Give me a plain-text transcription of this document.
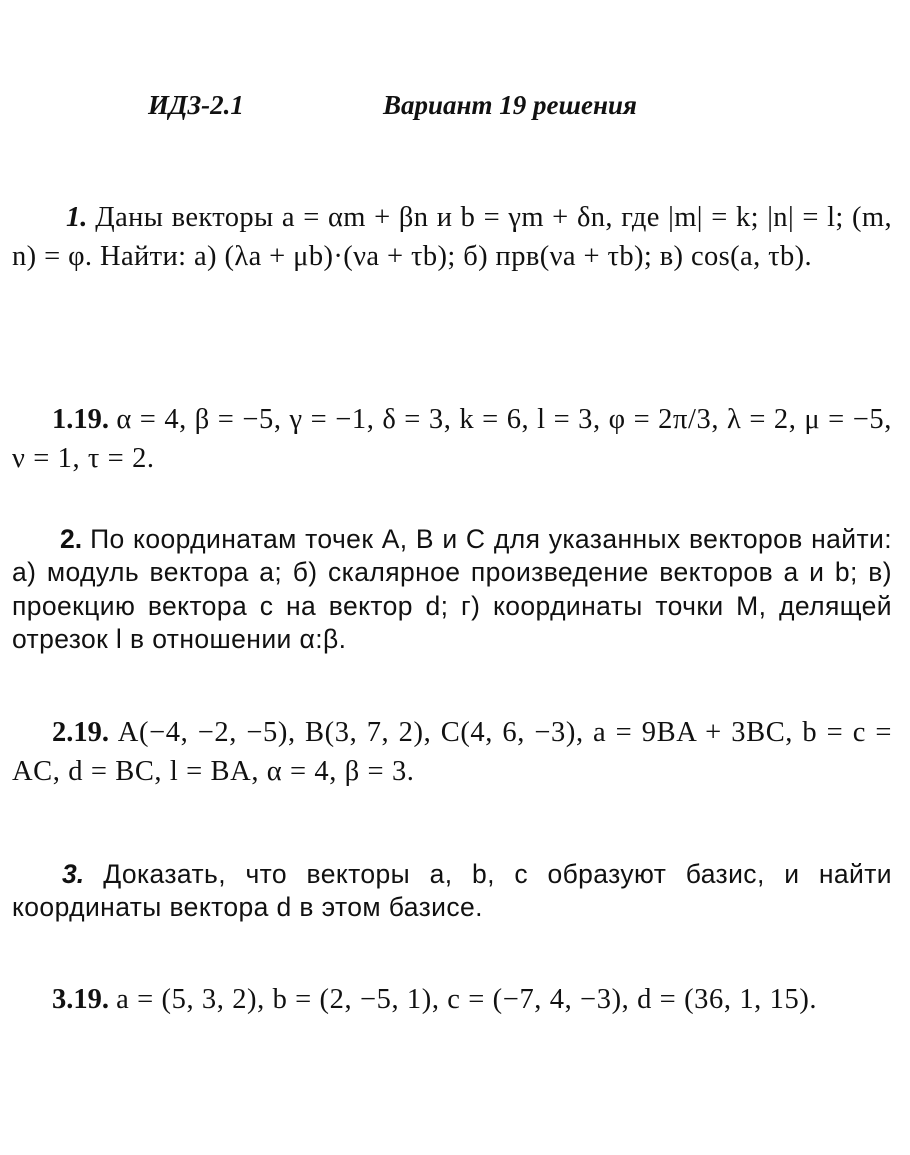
ИДЗ-2.1	Вариант 19 решения
1. Даны векторы a = αm + βn и b = γm + δn, где |m| = k; |n| = l; (m, n) = φ. Найти: а) (λa + μb)·(νa + τb); б) прв(νa + τb); в) cos(a, τb).
1.19. α = 4, β = −5, γ = −1, δ = 3, k = 6, l = 3, φ = 2π/3, λ = 2, μ = −5, ν = 1, τ = 2.
2. По координатам точек A, B и C для указанных векторов найти: а) модуль вектора a; б) скалярное произведение векторов a и b; в) проекцию вектора c на вектор d; г) координаты точки M, делящей отрезок l в отношении α:β.
2.19. A(−4, −2, −5), B(3, 7, 2), C(4, 6, −3), a = 9BA + 3BC, b = c = AC, d = BC, l = BA, α = 4, β = 3.
3. Доказать, что векторы a, b, c образуют базис, и найти координаты вектора d в этом базисе.
3.19. a = (5, 3, 2), b = (2, −5, 1), c = (−7, 4, −3), d = (36, 1, 15).
